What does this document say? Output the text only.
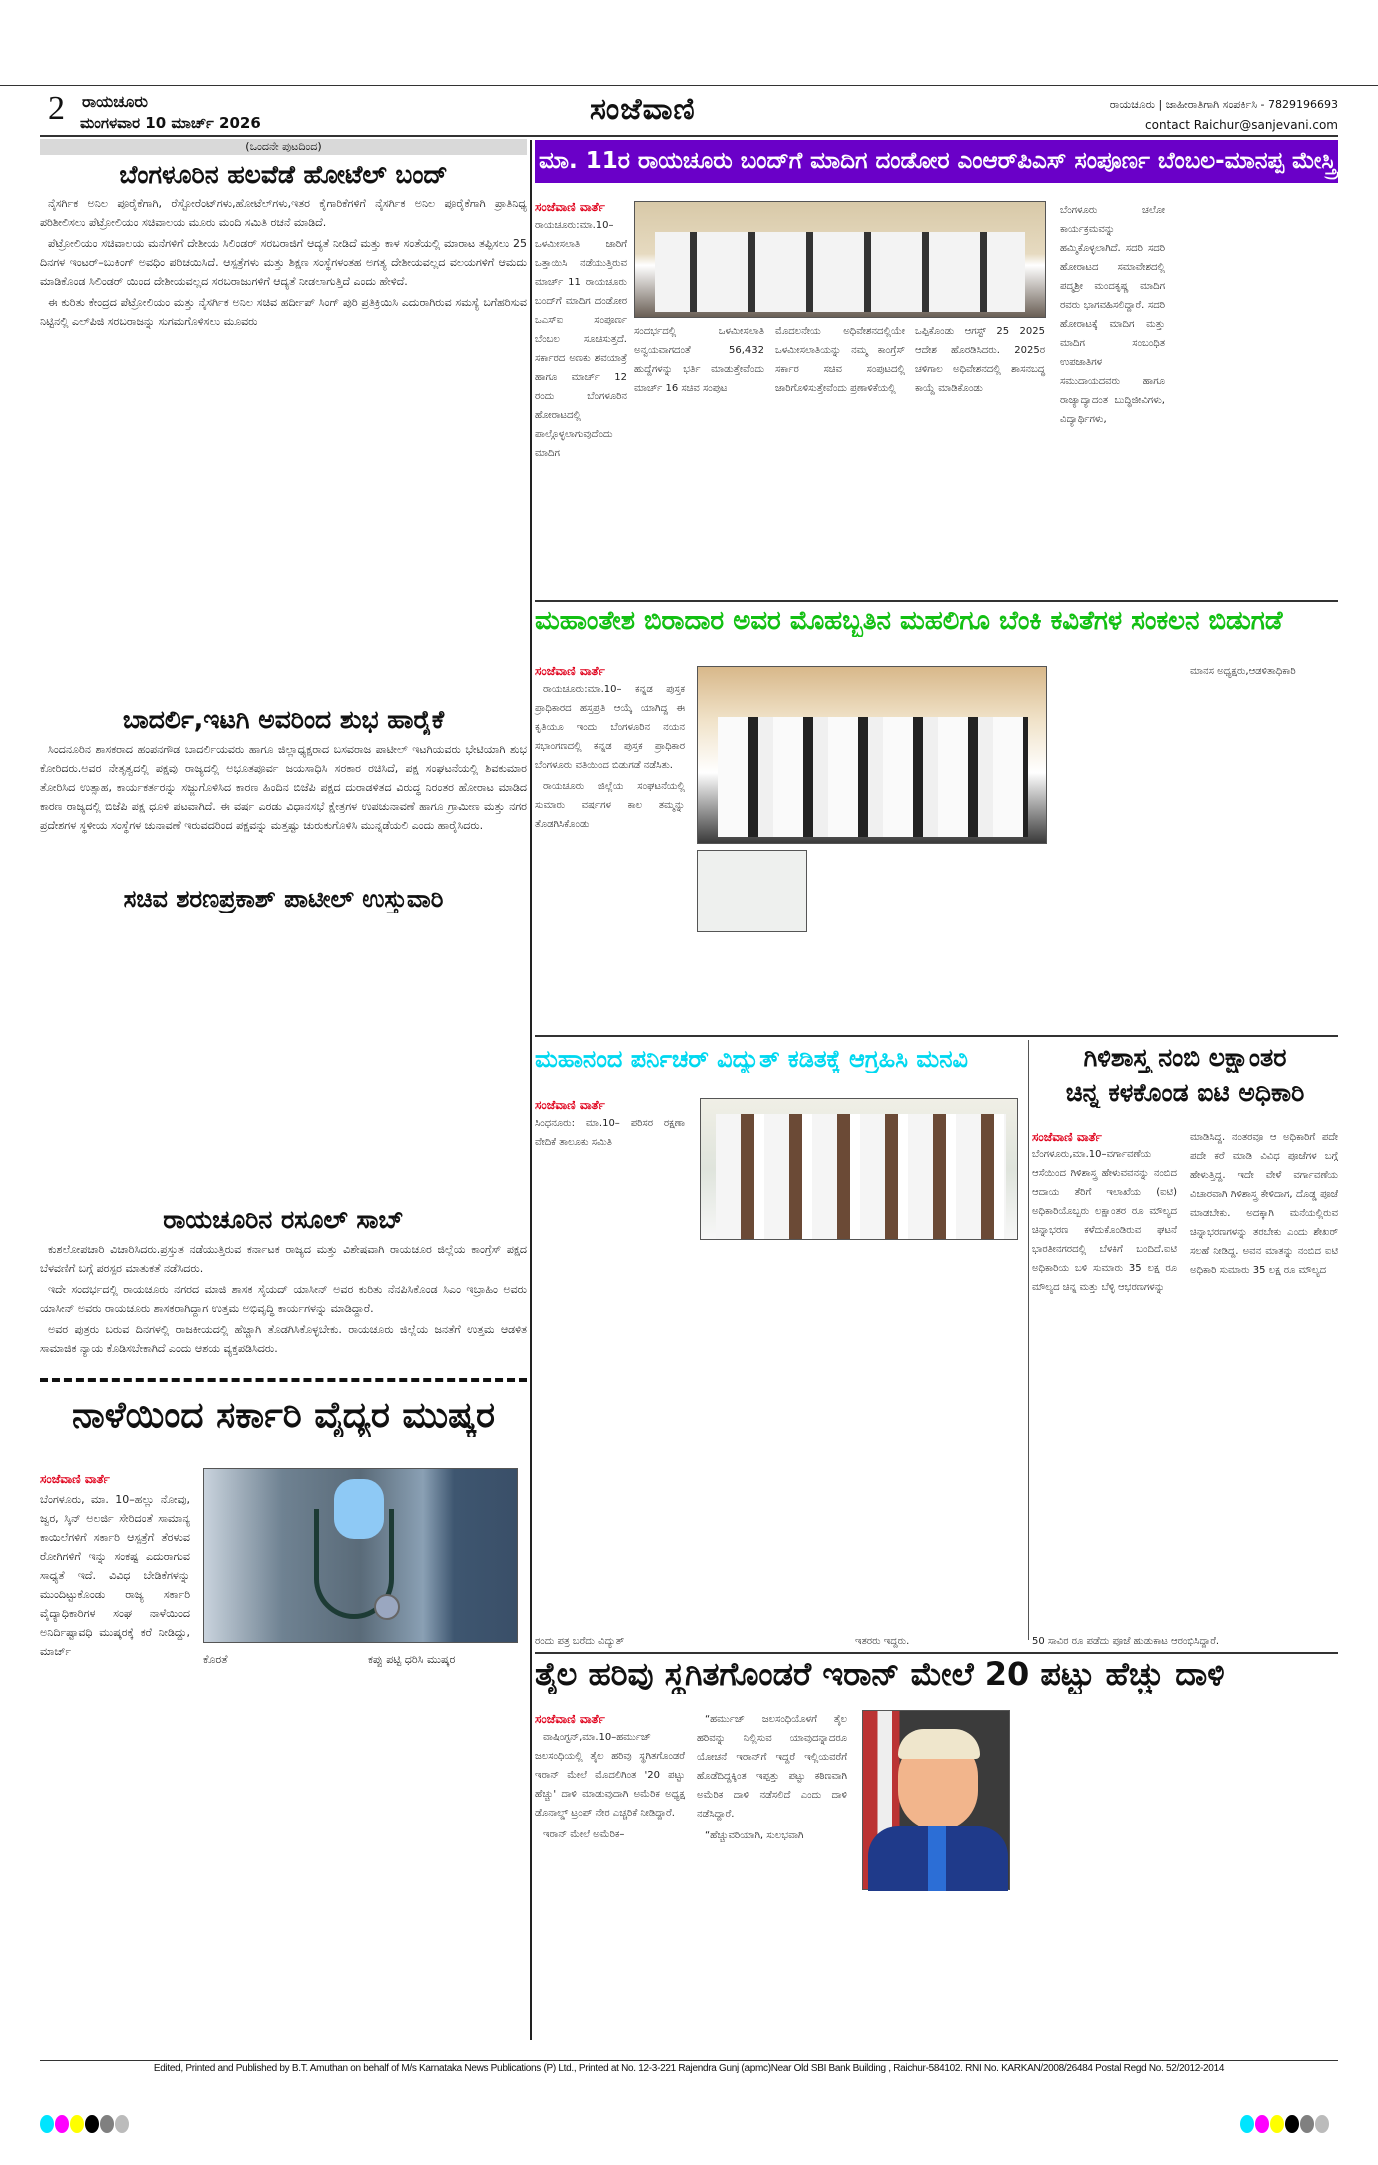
2 ರಾಯಚೂರು
ಮಂಗಳವಾರ 10 ಮಾರ್ಚ್ 2026	ಸಂಜೆವಾಣಿ	ರಾಯಚೂರು | ಜಾಹೀರಾತಿಗಾಗಿ ಸಂಪರ್ಕಿಸಿ - 7829196693
contact Raichur@sanjevani.com
(ಒಂದನೇ ಪುಟದಿಂದ)
ಬೆಂಗಳೂರಿನ ಹಲವೆಡೆ ಹೋಟೆಲ್ ಬಂದ್

ನೈಸರ್ಗಿಕ ಅನಿಲ ಪೂರೈಕೆಗಾಗಿ, ರೆಸ್ಟೋರೆಂಟ್‌ಗಳು,ಹೋಟೆಲ್‌ಗಳು,ಇತರ ಕೈಗಾರಿಕೆಗಳಿಗೆ ನೈಸರ್ಗಿಕ ಅನಿಲ ಪೂರೈಕೆಗಾಗಿ ಪ್ರಾತಿನಿಧ್ಯ ಪರಿಶೀಲಿಸಲು ಪೆಟ್ರೋಲಿಯಂ ಸಚಿವಾಲಯ ಮೂರು ಮಂದಿ ಸಮಿತಿ ರಚನೆ ಮಾಡಿದೆ.

ಪೆಟ್ರೋಲಿಯಂ ಸಚಿವಾಲಯ ಮನೆಗಳಿಗೆ ದೇಶೀಯ ಸಿಲಿಂಡರ್ ಸರಬರಾಜಿಗೆ ಆದ್ಯತೆ ನೀಡಿದೆ ಮತ್ತು ಕಾಳ ಸಂತೆಯಲ್ಲಿ ಮಾರಾಟ ತಪ್ಪಿಸಲು 25 ದಿನಗಳ ಇಂಟರ್–ಬುಕಿಂಗ್ ಅವಧಿಂ ಪರಿಚಯಿಸಿದೆ. ಆಸ್ಪತ್ರೆಗಳು ಮತ್ತು ಶಿಕ್ಷಣ ಸಂಸ್ಥೆಗಳಂತಹ ಅಗತ್ಯ ದೇಶೀಯವಲ್ಲದ ವಲಯಗಳಿಗೆ ಆಮದು ಮಾಡಿಕೊಂಡ ಸಿಲಿಂಡರ್ ಯಿಂದ ದೇಶೀಯವಲ್ಲದ ಸರಬರಾಜುಗಳಿಗೆ ಆದ್ಯತೆ ನೀಡಲಾಗುತ್ತಿದೆ ಎಂದು ಹೇಳಿದೆ.

ಈ ಕುರಿತು ಕೇಂದ್ರದ ಪೆಟ್ರೋಲಿಯಂ ಮತ್ತು ನೈಸರ್ಗಿಕ ಅನಿಲ ಸಚಿವ ಹರ್ದೀಪ್ ಸಿಂಗ್ ಪುರಿ ಪ್ರತಿಕ್ರಿಯಿಸಿ ಎದುರಾಗಿರುವ ಸಮಸ್ಯೆ ಬಗೆಹರಿಸುವ ನಿಟ್ಟಿನಲ್ಲಿ ಎಲ್‌ಪಿಜಿ ಸರಬರಾಜನ್ನು ಸುಗಮಗೊಳಿಸಲು ಮೂವರು

ಬಾದರ್ಲಿ,ಇಟಗಿ ಅವರಿಂದ ಶುಭ ಹಾರೈಕೆ

ಸಿಂದನೂರಿನ ಶಾಸಕರಾದ ಹಂಪನಗೌಡ ಬಾದರ್ಲಿಯವರು ಹಾಗೂ ಜಿಲ್ಲಾಧ್ಯಕ್ಷರಾದ ಬಸವರಾಜ ಪಾಟೀಲ್ ಇಟಗಿಯವರು ಭೇಟಿಯಾಗಿ ಶುಭ ಕೋರಿದರು.ಅವರ ನೇತೃತ್ವದಲ್ಲಿ ಪಕ್ಷವು ರಾಜ್ಯದಲ್ಲಿ ಅಭೂತಪೂರ್ವ ಜಯಸಾಧಿಸಿ ಸರಕಾರ ರಚಿಸಿದೆ, ಪಕ್ಷ ಸಂಘಟನೆಯಲ್ಲಿ ಶಿವಕುಮಾರ ತೋರಿಸಿದ ಉತ್ಸಾಹ, ಕಾರ್ಯಕರ್ತರನ್ನು ಸಜ್ಜುಗೊಳಿಸಿದ ಕಾರಣ ಹಿಂದಿನ ಬಿಜೆಪಿ ಪಕ್ಷದ ದುರಾಡಳಿತದ ವಿರುದ್ಧ ನಿರಂತರ ಹೋರಾಟ ಮಾಡಿದ ಕಾರಣ ರಾಜ್ಯದಲ್ಲಿ ಬಿಜೆಪಿ ಪಕ್ಷ ಧೂಳಿ ಪಟವಾಗಿದೆ. ಈ ವರ್ಷ ಎರಡು ವಿಧಾನಸಭೆ ಕ್ಷೇತ್ರಗಳ ಉಪಚುನಾವಣೆ ಹಾಗೂ ಗ್ರಾಮೀಣ ಮತ್ತು ನಗರ ಪ್ರದೇಶಗಳ ಸ್ಥಳೀಯ ಸಂಸ್ಥೆಗಳ ಚುನಾವಣೆ ಇರುವದರಿಂದ ಪಕ್ಷವನ್ನು ಮತ್ತಷ್ಟು ಚುರುಕುಗೊಳಿಸಿ ಮುನ್ನಡೆಯಲಿ ಎಂದು ಹಾರೈಸಿದರು.

ಸಚಿವ ಶರಣಪ್ರಕಾಶ್ ಪಾಟೀಲ್ ಉಸ್ತುವಾರಿ
ರಾಯಚೂರಿನ ರಸೂಲ್ ಸಾಬ್

ಕುಶಲೋಪಚಾರಿ ವಿಚಾರಿಸಿದರು.ಪ್ರಸ್ತುತ ನಡೆಯುತ್ತಿರುವ ಕರ್ನಾಟಕ ರಾಜ್ಯದ ಮತ್ತು ವಿಶೇಷವಾಗಿ ರಾಯಚೂರ ಜಿಲ್ಲೆಯ ಕಾಂಗ್ರೆಸ್ ಪಕ್ಷದ ಬೆಳವಣಿಗೆ ಬಗ್ಗೆ ಪರಸ್ಪರ ಮಾತುಕತೆ ನಡೆಸಿದರು.

ಇದೇ ಸಂದರ್ಭದಲ್ಲಿ ರಾಯಚೂರು ನಗರದ ಮಾಜಿ ಶಾಸಕ ಸೈಯದ್ ಯಾಸೀನ್ ಅವರ ಕುರಿತು ನೆನಪಿಸಿಕೊಂಡ ಸಿಎಂ ಇಬ್ರಾಹಿಂ ಅವರು ಯಾಸೀನ್ ಅವರು ರಾಯಚೂರು ಶಾಸಕರಾಗಿದ್ದಾಗ ಉತ್ತಮ ಅಭಿವೃದ್ಧಿ ಕಾರ್ಯಗಳನ್ನು ಮಾಡಿದ್ದಾರೆ.

ಅವರ ಪುತ್ರರು ಬರುವ ದಿನಗಳಲ್ಲಿ ರಾಜಕೀಯದಲ್ಲಿ ಹೆಚ್ಚಾಗಿ ತೊಡಗಿಸಿಕೊಳ್ಳಬೇಕು. ರಾಯಚೂರು ಜಿಲ್ಲೆಯ ಜನತೆಗೆ ಉತ್ತಮ ಆಡಳಿತ ಸಾಮಾಜಿಕ ನ್ಯಾಯ ಕೊಡಿಸಬೇಕಾಗಿದೆ ಎಂದು ಆಶಯ ವ್ಯಕ್ತಪಡಿಸಿದರು.

ನಾಳೆಯಿಂದ ಸರ್ಕಾರಿ ವೈದ್ಯರ ಮುಷ್ಕರ
ಸಂಜೆವಾಣಿ ವಾರ್ತೆ
ಬೆಂಗಳೂರು, ಮಾ. 10–ಹಲ್ಲು ನೋವು, ಜ್ವರ, ಸ್ಕಿನ್ ಅಲರ್ಜಿ ಸೇರಿದಂತೆ ಸಾಮಾನ್ಯ ಕಾಯಿಲೆಗಳಿಗೆ ಸರ್ಕಾರಿ ಆಸ್ಪತ್ರೆಗೆ ತೆರಳುವ ರೋಗಿಗಳಿಗೆ ಇನ್ನು ಸಂಕಷ್ಟ ಎದುರಾಗುವ ಸಾಧ್ಯತೆ ಇದೆ. ವಿವಿಧ ಬೇಡಿಕೆಗಳನ್ನು ಮುಂದಿಟ್ಟುಕೊಂಡು ರಾಜ್ಯ ಸರ್ಕಾರಿ ವೈದ್ಯಾಧಿಕಾರಿಗಳ ಸಂಘ ನಾಳೆಯಿಂದ ಅನಿರ್ದಿಷ್ಟಾವಧಿ ಮುಷ್ಕರಕ್ಕೆ ಕರೆ ನೀಡಿದ್ದು, ಮಾರ್ಚ್
ಕೊರತೆ	ಕಪ್ಪು ಪಟ್ಟಿ ಧರಿಸಿ ಮುಷ್ಕರ
ಮಾ. 11ರ ರಾಯಚೂರು ಬಂದ್‌ಗೆ ಮಾದಿಗ ದಂಡೋರ ಎಂಆರ್‌ಪಿಎಸ್ ಸಂಪೂರ್ಣ ಬೆಂಬಲ-ಮಾನಪ್ಪ ಮೇಸ್ತ್ರಿ
ಸಂಜೆವಾಣಿ ವಾರ್ತೆ
ರಾಯಚೂರು:ಮಾ.10–ಒಳಮೀಸಲಾತಿ ಜಾರಿಗೆ ಒತ್ತಾಯಿಸಿ ನಡೆಯುತ್ತಿರುವ ಮಾರ್ಚ್ 11 ರಾಯಚೂರು ಬಂದ್‌ಗೆ ಮಾದಿಗ ದಂಡೋರ ಒಎಸ್‌ಐ ಸಂಪೂರ್ಣ ಬೆಂಬಲ ಸೂಚಿಸುತ್ತದೆ. ಸರ್ಕಾರದ ಅಣಕು ಶವಯಾತ್ರೆ ಹಾಗೂ ಮಾರ್ಚ್ 12 ರಂದು ಬೆಂಗಳೂರಿನ ಹೋರಾಟದಲ್ಲಿ ಪಾಲ್ಗೊಳ್ಳಲಾಗುವುದೆಂದು ಮಾದಿಗ
ಸಂದರ್ಭದಲ್ಲಿ ಒಳಮೀಸಲಾತಿ ಅನ್ವಯವಾಗದಂತೆ 56,432 ಹುದ್ದೆಗಳನ್ನು ಭರ್ತಿ ಮಾಡುತ್ತೇವೆಂದು ಮಾರ್ಚ್ 16 ಸಚಿವ ಸಂಪುಟ
ಮೊದಲನೇಯ ಅಧಿವೇಶನದಲ್ಲಿಯೇ ಒಳಮೀಸಲಾತಿಯನ್ನು ನಮ್ಮ ಕಾಂಗ್ರೆಸ್ ಸರ್ಕಾರ ಸಚಿವ ಸಂಪುಟದಲ್ಲಿ ಜಾರಿಗೊಳಿಸುತ್ತೇವೆಂದು ಪ್ರಣಾಳಿಕೆಯಲ್ಲಿ
ಒಪ್ಪಿಕೊಂಡು ಆಗಸ್ಟ್ 25 2025 ಆದೇಶ ಹೊರಡಿಸಿದರು. 2025ರ ಚಳಿಗಾಲ ಅಧಿವೇಶನದಲ್ಲಿ ಶಾಸನಬದ್ಧ ಕಾಯ್ದೆ ಮಾಡಿಕೊಂಡು
ಬೆಂಗಳೂರು ಚಲೋ ಕಾರ್ಯಕ್ರಮವನ್ನು ಹಮ್ಮಿಕೊಳ್ಳಲಾಗಿದೆ. ಸದರಿ ಸದರಿ ಹೋರಾಟದ ಸಮಾವೇಶದಲ್ಲಿ ಪದ್ಮಶ್ರೀ ಮಂದಕೃಷ್ಣ ಮಾದಿಗ ರವರು ಭಾಗವಹಿಸಲಿದ್ದಾರೆ. ಸದರಿ ಹೋರಾಟಕ್ಕೆ ಮಾದಿಗ ಮತ್ತು ಮಾದಿಗ ಸಂಬಂಧಿತ ಉಪಜಾತಿಗಳ ಸಮುದಾಯದವರು ಹಾಗೂ ರಾಜ್ಯಾದ್ಯಾದಂತ ಬುದ್ಧಿಜೀವಿಗಳು, ವಿದ್ಯಾರ್ಥಿಗಳು,
ಮಹಾಂತೇಶ ಬಿರಾದಾರ ಅವರ ಮೊಹಬ್ಬತಿನ ಮಹಲಿಗೂ ಬೆಂಕಿ ಕವಿತೆಗಳ ಸಂಕಲನ ಬಿಡುಗಡೆ
ಸಂಜೆವಾಣಿ ವಾರ್ತೆ

ರಾಯಚೂರು:ಮಾ.10– ಕನ್ನಡ ಪುಸ್ತಕ ಪ್ರಾಧಿಕಾರದ ಹಸ್ತಪ್ರತಿ ಆಯ್ಕೆ ಯಾಗಿದ್ದ ಈ ಕೃತಿಯೂ ಇಂದು ಬೆಂಗಳೂರಿನ ನಯನ ಸಭಾಂಗಣದಲ್ಲಿ ಕನ್ನಡ ಪುಸ್ತಕ ಪ್ರಾಧಿಕಾರ ಬೆಂಗಳೂರು ವತಿಯಿಂದ ಬಿಡುಗಡೆ ನಡೆಸಿತು.

ರಾಯಚೂರು ಜಿಲ್ಲೆಯ ಸಂಘಟನೆಯಲ್ಲಿ ಸುಮಾರು ವರ್ಷಗಳ ಕಾಲ ತಮ್ಮನ್ನು ತೊಡಗಿಸಿಕೊಂಡು

ಮಾನಸ ಅಧ್ಯಕ್ಷರು,ಆಡಳಿತಾಧಿಕಾರಿ
ಮಹಾನಂದ ಪರ್ನಿಚರ್ ವಿದ್ಯುತ್ ಕಡಿತಕ್ಕೆ ಆಗ್ರಹಿಸಿ ಮನವಿ
ಸಂಜೆವಾಣಿ ವಾರ್ತೆ
ಸಿಂಧನೂರು: ಮಾ.10– ಪರಿಸರ ರಕ್ಷಣಾ ವೇದಿಕೆ ತಾಲೂಕು ಸಮಿತಿ
ರಂದು ಪತ್ರ ಬರೆದು ವಿದ್ಯುತ್	ಇತರರು ಇದ್ದರು.
ಗಿಳಿಶಾಸ್ತ್ರ ನಂಬಿ ಲಕ್ಷಾಂತರ
ಚಿನ್ನ ಕಳಕೊಂಡ ಐಟಿ ಅಧಿಕಾರಿ
ಸಂಜೆವಾಣಿ ವಾರ್ತೆ
ಬೆಂಗಳೂರು,ಮಾ.10–ವರ್ಗಾವಣೆಯ ಆಸೆಯಿಂದ ಗಿಳಿಶಾಸ್ತ್ರ ಹೇಳುವವನನ್ನು ನಂಬಿದ ಆದಾಯ ತೆರಿಗೆ ಇಲಾಖೆಯ (ಐಟಿ) ಅಧಿಕಾರಿಯೊಬ್ಬರು ಲಕ್ಷಾಂತರ ರೂ ಮೌಲ್ಯದ ಚಿನ್ನಾಭರಣ ಕಳೆದುಕೊಂಡಿರುವ ಘಟನೆ ಭಾರತೀನಗರದಲ್ಲಿ ಬೆಳಕಿಗೆ ಬಂದಿದೆ.ಐಟಿ ಅಧಿಕಾರಿಯ ಬಳಿ ಸುಮಾರು 35 ಲಕ್ಷ ರೂ ಮೌಲ್ಯದ ಚಿನ್ನ ಮತ್ತು ಬೆಳ್ಳಿ ಆಭರಣಗಳನ್ನು
ಮಾಡಿಸಿದ್ದ. ನಂತರವೂ ಆ ಅಧಿಕಾರಿಗೆ ಪದೇ ಪದೇ ಕರೆ ಮಾಡಿ ವಿವಿಧ ಪೂಜೆಗಳ ಬಗ್ಗೆ ಹೇಳುತ್ತಿದ್ದ. ಇದೇ ವೇಳೆ ವರ್ಗಾವಣೆಯ ವಿಚಾರವಾಗಿ ಗಿಳಿಶಾಸ್ತ್ರ ಕೇಳಿದಾಗ, ದೊಡ್ಡ ಪೂಜೆ ಮಾಡಬೇಕು. ಅದಕ್ಕಾಗಿ ಮನೆಯಲ್ಲಿರುವ ಚಿನ್ನಾಭರಣಗಳನ್ನು ತರಬೇಕು ಎಂದು ಶೇಖರ್ ಸಲಹೆ ನೀಡಿದ್ದ. ಅವನ ಮಾತನ್ನು ನಂಬಿದ ಐಟಿ ಅಧಿಕಾರಿ ಸುಮಾರು 35 ಲಕ್ಷ ರೂ ಮೌಲ್ಯದ
50 ಸಾವಿರ ರೂ ಪಡೆದು ಪೂಜೆ ಹುಡುಕಾಟ ಆರಂಭಿಸಿದ್ದಾರೆ.
ತೈಲ ಹರಿವು ಸ್ಥಗಿತಗೊಂಡರೆ ಇರಾನ್ ಮೇಲೆ 20 ಪಟ್ಟು ಹೆಚ್ಚು ದಾಳಿ
ಸಂಜೆವಾಣಿ ವಾರ್ತೆ

ವಾಷಿಂಗ್ಟನ್,ಮಾ.10–ಹರ್ಮುಜ್ ಜಲಸಂಧಿಯಲ್ಲಿ ತೈಲ ಹರಿವು ಸ್ಥಗಿತಗೊಂಡರೆ ಇರಾನ್ ಮೇಲೆ ಮೊದಲಿಗಿಂತ '20 ಪಟ್ಟು ಹೆಚ್ಚು' ದಾಳಿ ಮಾಡುವುದಾಗಿ ಅಮೆರಿಕ ಅಧ್ಯಕ್ಷ ಡೊನಾಲ್ಡ್ ಟ್ರಂಪ್ ನೇರ ಎಚ್ಚರಿಕೆ ನೀಡಿದ್ದಾರೆ.

ಇರಾನ್ ಮೇಲೆ ಅಮೆರಿಕ–

“ಹರ್ಮುಜ್ ಜಲಸಂಧಿಯೊಳಗೆ ತೈಲ ಹರಿವನ್ನು ನಿಲ್ಲಿಸುವ ಯಾವುದನ್ನಾದರೂ ಯೋಚನೆ ಇರಾನ್‌ಗೆ ಇದ್ದರೆ ಇಲ್ಲಿಯವರೆಗೆ ಹೊಡೆದಿದ್ದಕ್ಕಿಂತ ಇಪ್ಪತ್ತು ಪಟ್ಟು ಕಠಿಣವಾಗಿ ಅಮೆರಿಕ ದಾಳಿ ನಡೆಸಲಿದೆ ಎಂದು ದಾಳಿ ನಡೆಸಿದ್ದಾರೆ.

“ಹೆಚ್ಚುವರಿಯಾಗಿ, ಸುಲಭವಾಗಿ

Edited, Printed and Published by B.T. Amuthan on behalf of M/s Karnataka News Publications (P) Ltd., Printed at No. 12-3-221 Rajendra Gunj (apmc)Near Old SBI Bank Building , Raichur-584102. RNI No. KARKAN/2008/26484 Postal Regd No. 52/2012-2014
